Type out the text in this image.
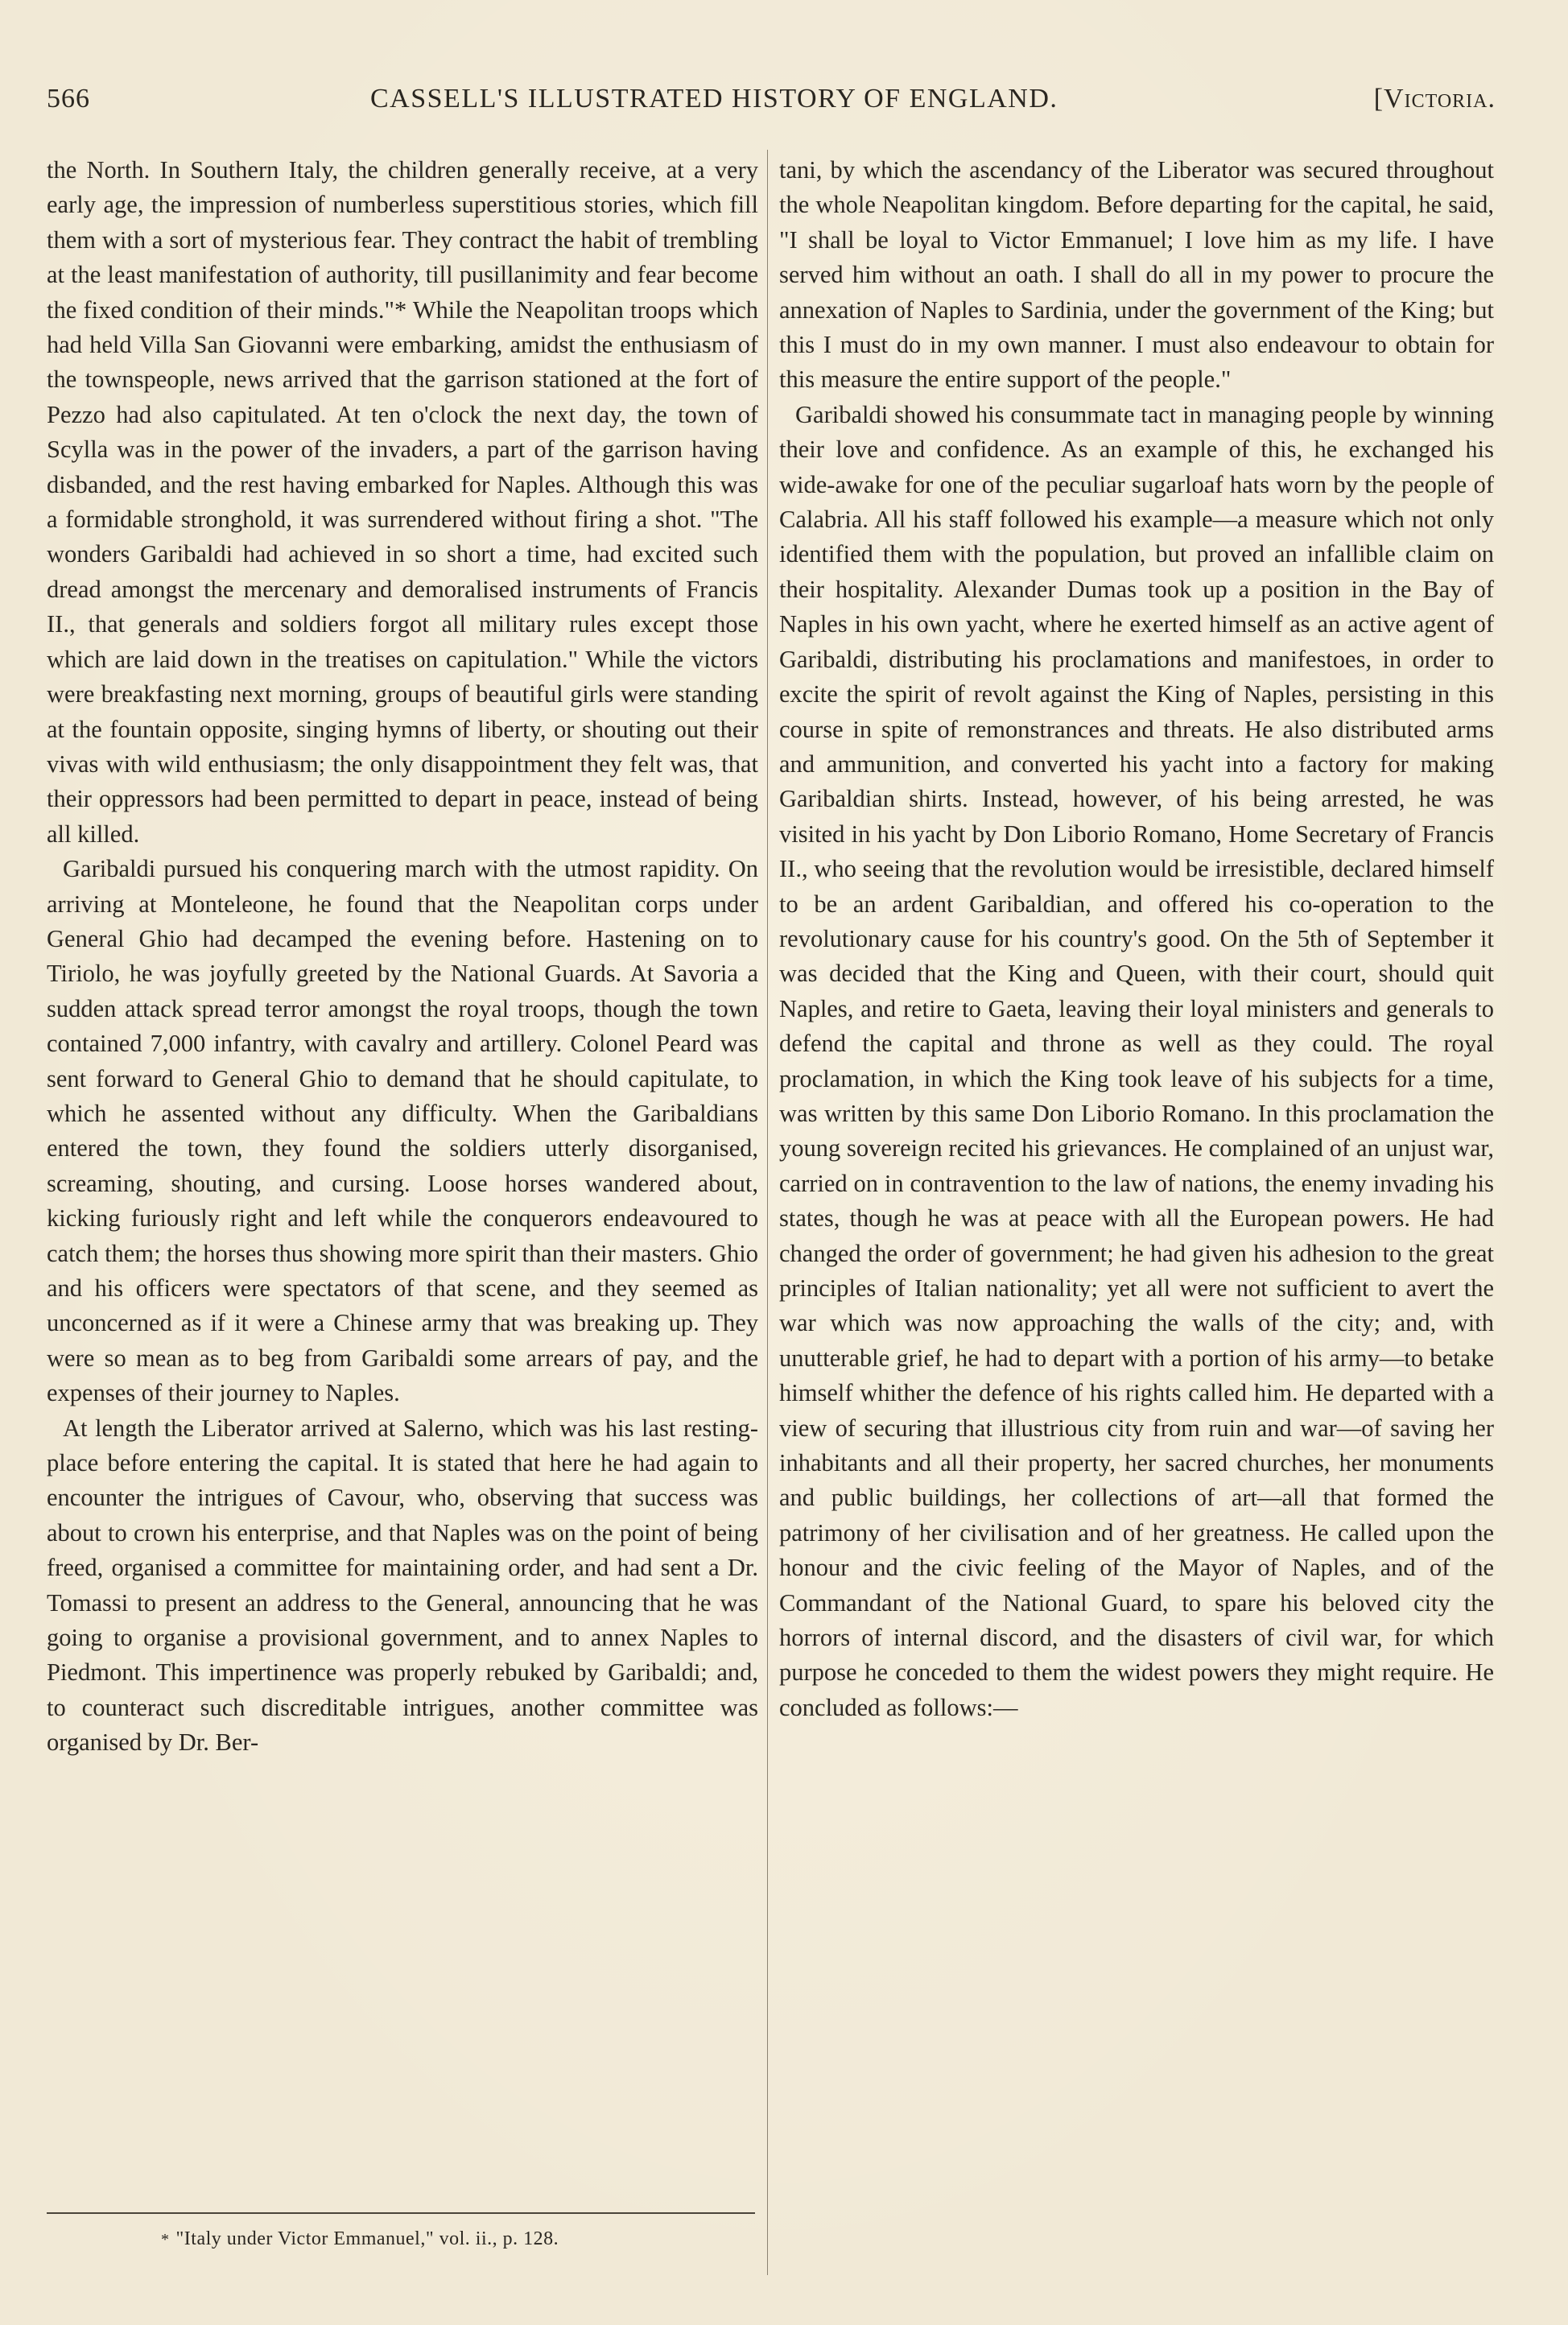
566	CASSELL'S ILLUSTRATED HISTORY OF ENGLAND.	[Victoria.

the North. In Southern Italy, the children generally receive, at a very early age, the impression of numberless superstitious stories, which fill them with a sort of mysterious fear. They contract the habit of trembling at the least manifestation of authority, till pusillanimity and fear become the fixed condition of their minds."* While the Neapolitan troops which had held Villa San Giovanni were embarking, amidst the enthusiasm of the townspeople, news arrived that the garrison stationed at the fort of Pezzo had also capitulated. At ten o'clock the next day, the town of Scylla was in the power of the invaders, a part of the garrison having disbanded, and the rest having embarked for Naples. Although this was a formidable stronghold, it was surrendered without firing a shot. "The wonders Garibaldi had achieved in so short a time, had excited such dread amongst the mercenary and demoralised instruments of Francis II., that generals and soldiers forgot all military rules except those which are laid down in the treatises on capitulation." While the victors were breakfasting next morning, groups of beautiful girls were standing at the fountain opposite, singing hymns of liberty, or shouting out their vivas with wild enthusiasm; the only disappointment they felt was, that their oppressors had been permitted to depart in peace, instead of being all killed.

Garibaldi pursued his conquering march with the utmost rapidity. On arriving at Monteleone, he found that the Neapolitan corps under General Ghio had decamped the evening before. Hastening on to Tiriolo, he was joyfully greeted by the National Guards. At Savoria a sudden attack spread terror amongst the royal troops, though the town contained 7,000 infantry, with cavalry and artillery. Colonel Peard was sent forward to General Ghio to demand that he should capitulate, to which he assented without any difficulty. When the Garibaldians entered the town, they found the soldiers utterly disorganised, screaming, shouting, and cursing. Loose horses wandered about, kicking furiously right and left while the conquerors endeavoured to catch them; the horses thus showing more spirit than their masters. Ghio and his officers were spectators of that scene, and they seemed as unconcerned as if it were a Chinese army that was breaking up. They were so mean as to beg from Garibaldi some arrears of pay, and the expenses of their journey to Naples.

At length the Liberator arrived at Salerno, which was his last resting-place before entering the capital. It is stated that here he had again to encounter the intrigues of Cavour, who, observing that success was about to crown his enterprise, and that Naples was on the point of being freed, organised a committee for maintaining order, and had sent a Dr. Tomassi to present an address to the General, announcing that he was going to organise a provisional government, and to annex Naples to Piedmont. This impertinence was properly rebuked by Garibaldi; and, to counteract such discreditable intrigues, another committee was organised by Dr. Ber-

tani, by which the ascendancy of the Liberator was secured throughout the whole Neapolitan kingdom. Before departing for the capital, he said, "I shall be loyal to Victor Emmanuel; I love him as my life. I have served him without an oath. I shall do all in my power to procure the annexation of Naples to Sardinia, under the government of the King; but this I must do in my own manner. I must also endeavour to obtain for this measure the entire support of the people."

Garibaldi showed his consummate tact in managing people by winning their love and confidence. As an example of this, he exchanged his wide-awake for one of the peculiar sugarloaf hats worn by the people of Calabria. All his staff followed his example—a measure which not only identified them with the population, but proved an infallible claim on their hospitality. Alexander Dumas took up a position in the Bay of Naples in his own yacht, where he exerted himself as an active agent of Garibaldi, distributing his proclamations and manifestoes, in order to excite the spirit of revolt against the King of Naples, persisting in this course in spite of remonstrances and threats. He also distributed arms and ammunition, and converted his yacht into a factory for making Garibaldian shirts. Instead, however, of his being arrested, he was visited in his yacht by Don Liborio Romano, Home Secretary of Francis II., who seeing that the revolution would be irresistible, declared himself to be an ardent Garibaldian, and offered his co-operation to the revolutionary cause for his country's good. On the 5th of September it was decided that the King and Queen, with their court, should quit Naples, and retire to Gaeta, leaving their loyal ministers and generals to defend the capital and throne as well as they could. The royal proclamation, in which the King took leave of his subjects for a time, was written by this same Don Liborio Romano. In this proclamation the young sovereign recited his grievances. He complained of an unjust war, carried on in contravention to the law of nations, the enemy invading his states, though he was at peace with all the European powers. He had changed the order of government; he had given his adhesion to the great principles of Italian nationality; yet all were not sufficient to avert the war which was now approaching the walls of the city; and, with unutterable grief, he had to depart with a portion of his army—to betake himself whither the defence of his rights called him. He departed with a view of securing that illustrious city from ruin and war—of saving her inhabitants and all their property, her sacred churches, her monuments and public buildings, her collections of art—all that formed the patrimony of her civilisation and of her greatness. He called upon the honour and the civic feeling of the Mayor of Naples, and of the Commandant of the National Guard, to spare his beloved city the horrors of internal discord, and the disasters of civil war, for which purpose he conceded to them the widest powers they might require. He concluded as follows:—

* "Italy under Victor Emmanuel," vol. ii., p. 128.
